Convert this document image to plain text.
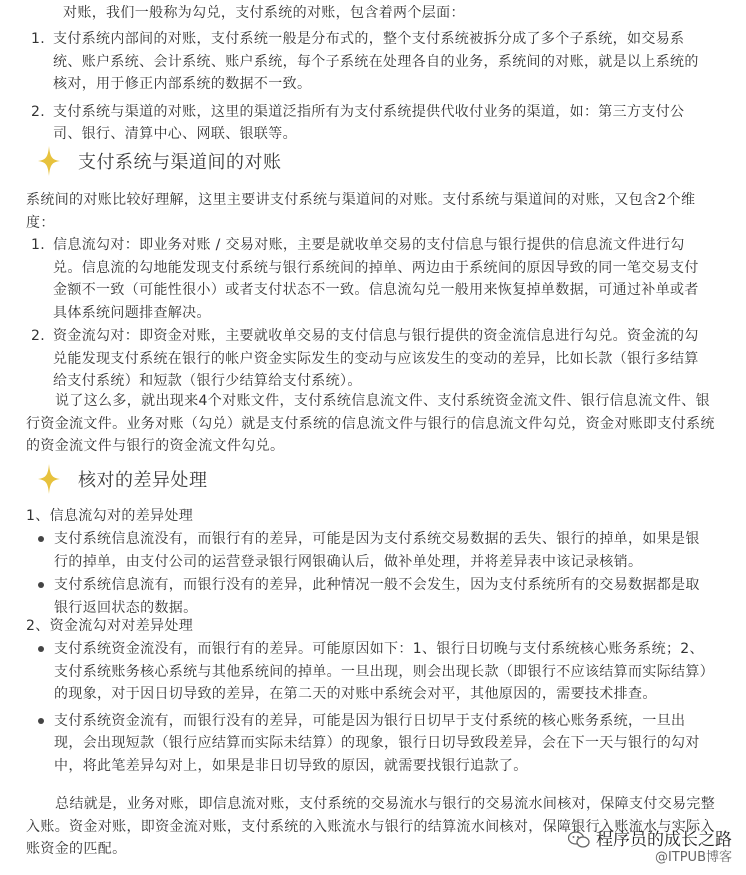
对账，我们一般称为勾兑，支付系统的对账，包含着两个层面：

1. 支付系统内部间的对账，支付系统一般是分布式的，整个支付系统被拆分成了多个子系统，如交易系统、账户系统、会计系统、账户系统，每个子系统在处理各自的业务，系统间的对账，就是以上系统的核对，用于修正内部系统的数据不一致。
2. 支付系统与渠道的对账，这里的渠道泛指所有为支付系统提供代收付业务的渠道，如：第三方支付公司、银行、清算中心、网联、银联等。
支付系统与渠道间的对账

系统间的对账比较好理解，这里主要讲支付系统与渠道间的对账。支付系统与渠道间的对账，又包含2个维度：

1. 信息流勾对：即业务对账 / 交易对账，主要是就收单交易的支付信息与银行提供的信息流文件进行勾兑。信息流的勾地能发现支付系统与银行系统间的掉单、两边由于系统间的原因导致的同一笔交易支付金额不一致（可能性很小）或者支付状态不一致。信息流勾兑一般用来恢复掉单数据，可通过补单或者具体系统问题排查解决。
2. 资金流勾对：即资金对账，主要就收单交易的支付信息与银行提供的资金流信息进行勾兑。资金流的勾兑能发现支付系统在银行的帐户资金实际发生的变动与应该发生的变动的差异，比如长款（银行多结算给支付系统）和短款（银行少结算给支付系统）。

说了这么多，就出现来4个对账文件，支付系统信息流文件、支付系统资金流文件、银行信息流文件、银行资金流文件。业务对账（勾兑）就是支付系统的信息流文件与银行的信息流文件勾兑，资金对账即支付系统的资金流文件与银行的资金流文件勾兑。

核对的差异处理

1、信息流勾对的差异处理

支付系统信息流没有，而银行有的差异，可能是因为支付系统交易数据的丢失、银行的掉单，如果是银行的掉单，由支付公司的运营登录银行网银确认后，做补单处理，并将差异表中该记录核销。
支付系统信息流有，而银行没有的差异，此种情况一般不会发生，因为支付系统所有的交易数据都是取银行返回状态的数据。

2、资金流勾对对差异处理

支付系统资金流没有，而银行有的差异。可能原因如下：1、银行日切晚与支付系统核心账务系统；2、支付系统账务核心系统与其他系统间的掉单。一旦出现，则会出现长款（即银行不应该结算而实际结算）的现象，对于因日切导致的差异，在第二天的对账中系统会对平，其他原因的，需要技术排查。
支付系统资金流有，而银行没有的差异，可能是因为银行日切早于支付系统的核心账务系统，一旦出现，会出现短款（银行应结算而实际未结算）的现象，银行日切导致段差异，会在下一天与银行的勾对中，将此笔差异勾对上，如果是非日切导致的原因，就需要找银行追款了。

总结就是，业务对账，即信息流对账，支付系统的交易流水与银行的交易流水间核对，保障支付交易完整入账。资金对账，即资金流对账，支付系统的入账流水与银行的结算流水间核对，保障银行入账流水与实际入账资金的匹配。	程序员的成长之路
@ITPUB博客
